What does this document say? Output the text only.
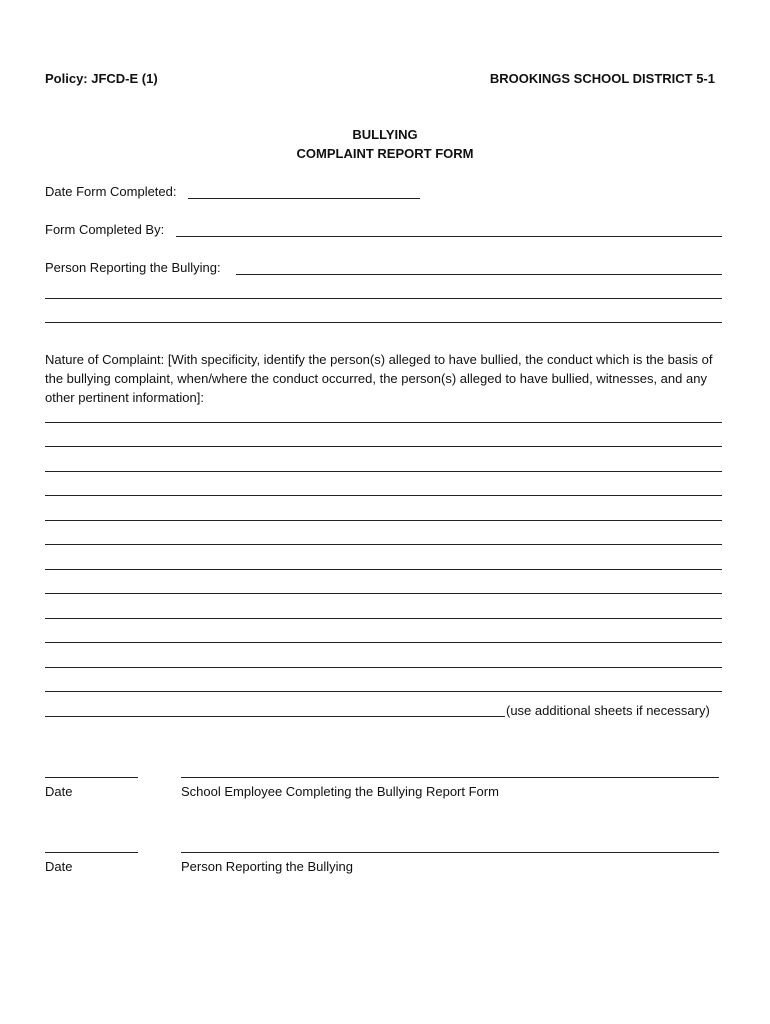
Policy: JFCD-E (1)	BROOKINGS SCHOOL DISTRICT 5-1
BULLYING
COMPLAINT REPORT FORM
Date Form Completed:
Form Completed By:
Person Reporting the Bullying:
Nature of Complaint: [With specificity, identify the person(s) alleged to have bullied, the conduct which is the basis of the bullying complaint, when/where the conduct occurred, the person(s) alleged to have bullied, witnesses, and any other pertinent information]:
(use additional sheets if necessary)
Date	School Employee Completing the Bullying Report Form
Date	Person Reporting the Bullying
